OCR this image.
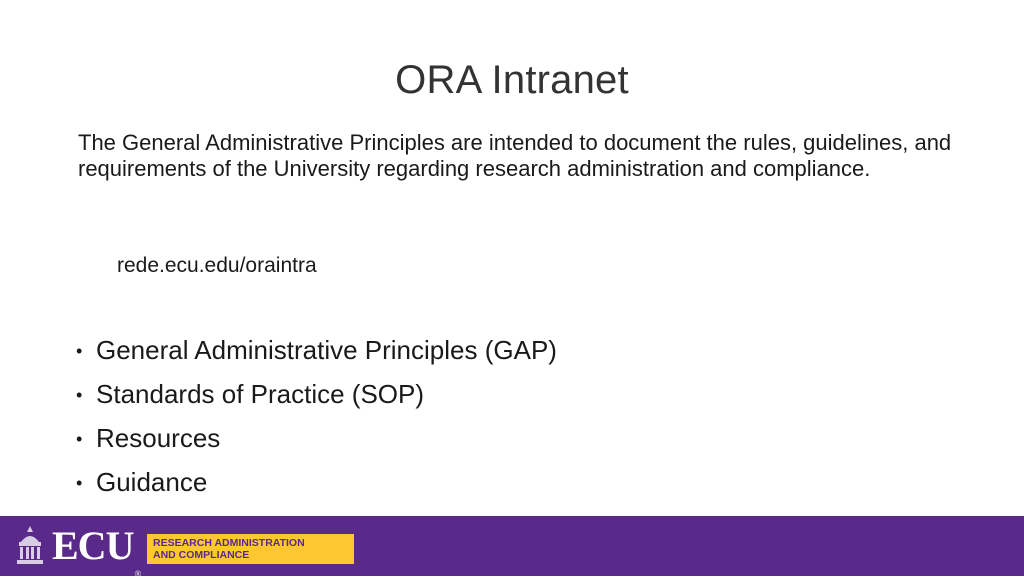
ORA Intranet
The General Administrative Principles are intended to document the rules, guidelines, and requirements of the University regarding research administration and compliance.
rede.ecu.edu/oraintra
• General Administrative Principles (GAP)
• Standards of Practice (SOP)
• Resources
• Guidance
ECU®
RESEARCH ADMINISTRATION
AND COMPLIANCE
